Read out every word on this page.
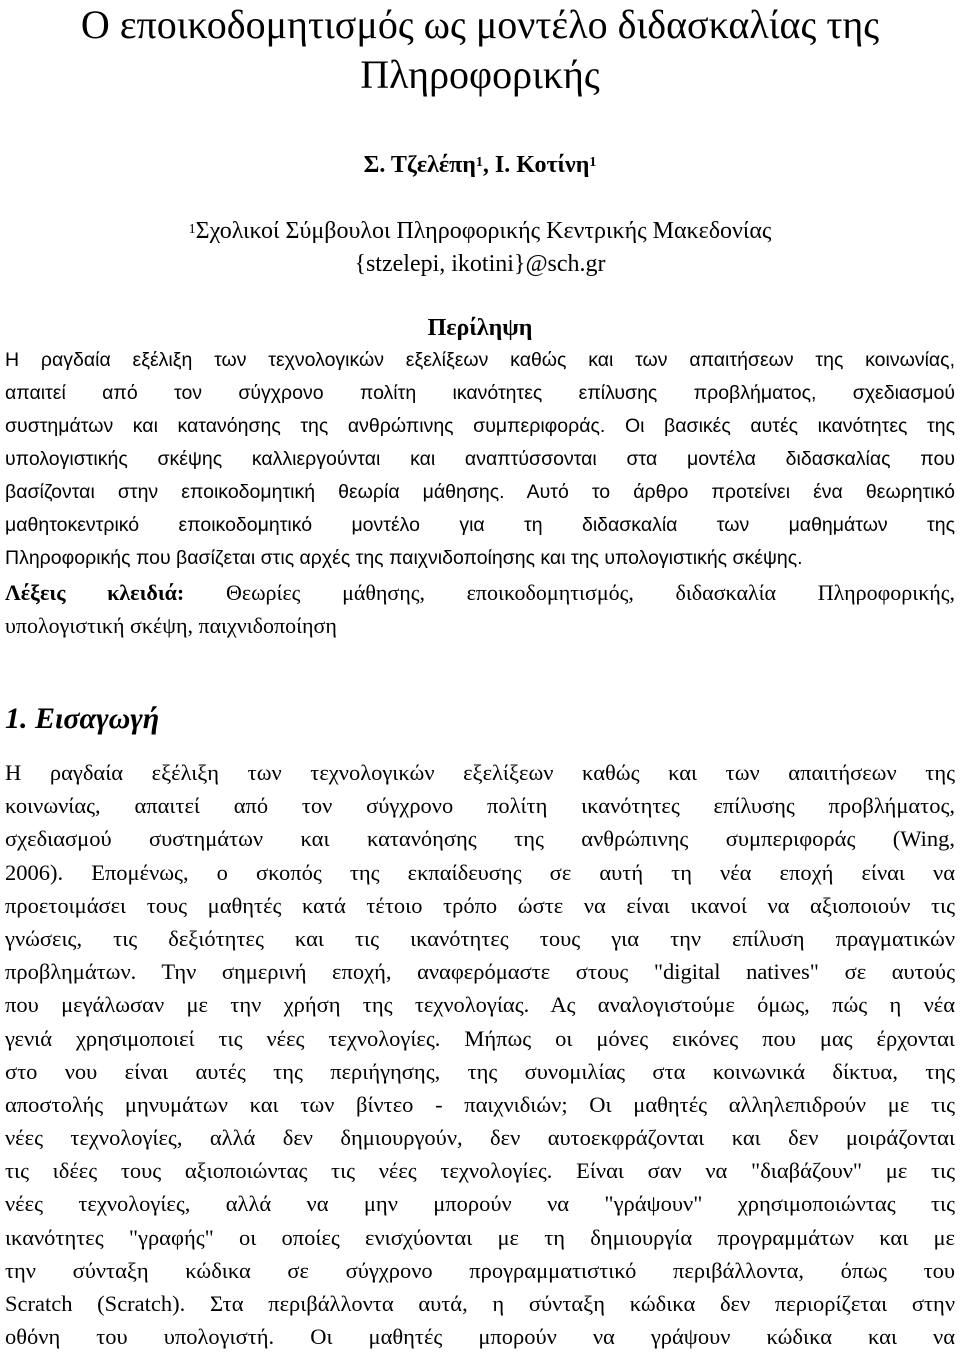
Ο εποικοδομητισμός ως μοντέλο διδασκαλίας της
Πληροφορικής
Σ. Τζελέπη$^1$, Ι. Κοτίνη$^1$
$^1$Σχολικοί Σύμβουλοι Πληροφορικής Κεντρικής Μακεδονίας
{stzelepi, ikotini}@sch.gr
Περίληψη
Η ραγδαία εξέλιξη των τεχνολογικών εξελίξεων καθώς και των απαιτήσεων της κοινωνίας,
απαιτεί από τον σύγχρονο πολίτη ικανότητες επίλυσης προβλήματος, σχεδιασμού
συστημάτων και κατανόησης της ανθρώπινης συμπεριφοράς. Οι βασικές αυτές ικανότητες της
υπολογιστικής σκέψης καλλιεργούνται και αναπτύσσονται στα μοντέλα διδασκαλίας που
βασίζονται στην εποικοδομητική θεωρία μάθησης. Αυτό το άρθρο προτείνει ένα θεωρητικό
μαθητοκεντρικό εποικοδομητικό μοντέλο για τη διδασκαλία των μαθημάτων της
Πληροφορικής που βασίζεται στις αρχές της παιχνιδοποίησης και της υπολογιστικής σκέψης.
Λέξεις κλειδιά: Θεωρίες μάθησης, εποικοδομητισμός, διδασκαλία Πληροφορικής,
υπολογιστική σκέψη, παιχνιδοποίηση
1. Εισαγωγή
Η ραγδαία εξέλιξη των τεχνολογικών εξελίξεων καθώς και των απαιτήσεων της
κοινωνίας, απαιτεί από τον σύγχρονο πολίτη ικανότητες επίλυσης προβλήματος,
σχεδιασμού συστημάτων και κατανόησης της ανθρώπινης συμπεριφοράς (Wing,
2006). Επομένως, ο σκοπός της εκπαίδευσης σε αυτή τη νέα εποχή είναι να
προετοιμάσει τους μαθητές κατά τέτοιο τρόπο ώστε να είναι ικανοί να αξιοποιούν τις
γνώσεις, τις δεξιότητες και τις ικανότητες τους για την επίλυση πραγματικών
προβλημάτων. Την σημερινή εποχή, αναφερόμαστε στους "digital natives" σε αυτούς
που μεγάλωσαν με την χρήση της τεχνολογίας. Ας αναλογιστούμε όμως, πώς η νέα
γενιά χρησιμοποιεί τις νέες τεχνολογίες. Μήπως οι μόνες εικόνες που μας έρχονται
στο νου είναι αυτές της περιήγησης, της συνομιλίας στα κοινωνικά δίκτυα, της
αποστολής μηνυμάτων και των βίντεο - παιχνιδιών; Οι μαθητές αλληλεπιδρούν με τις
νέες τεχνολογίες, αλλά δεν δημιουργούν, δεν αυτοεκφράζονται και δεν μοιράζονται
τις ιδέες τους αξιοποιώντας τις νέες τεχνολογίες. Είναι σαν να "διαβάζουν" με τις
νέες τεχνολογίες, αλλά να μην μπορούν να "γράψουν" χρησιμοποιώντας τις
ικανότητες "γραφής" οι οποίες ενισχύονται με τη δημιουργία προγραμμάτων και με
την σύνταξη κώδικα σε σύγχρονο προγραμματιστικό περιβάλλοντα, όπως του
Scratch (Scratch). Στα περιβάλλοντα αυτά, η σύνταξη κώδικα δεν περιορίζεται στην
οθόνη του υπολογιστή. Οι μαθητές μπορούν να γράψουν κώδικα και να
